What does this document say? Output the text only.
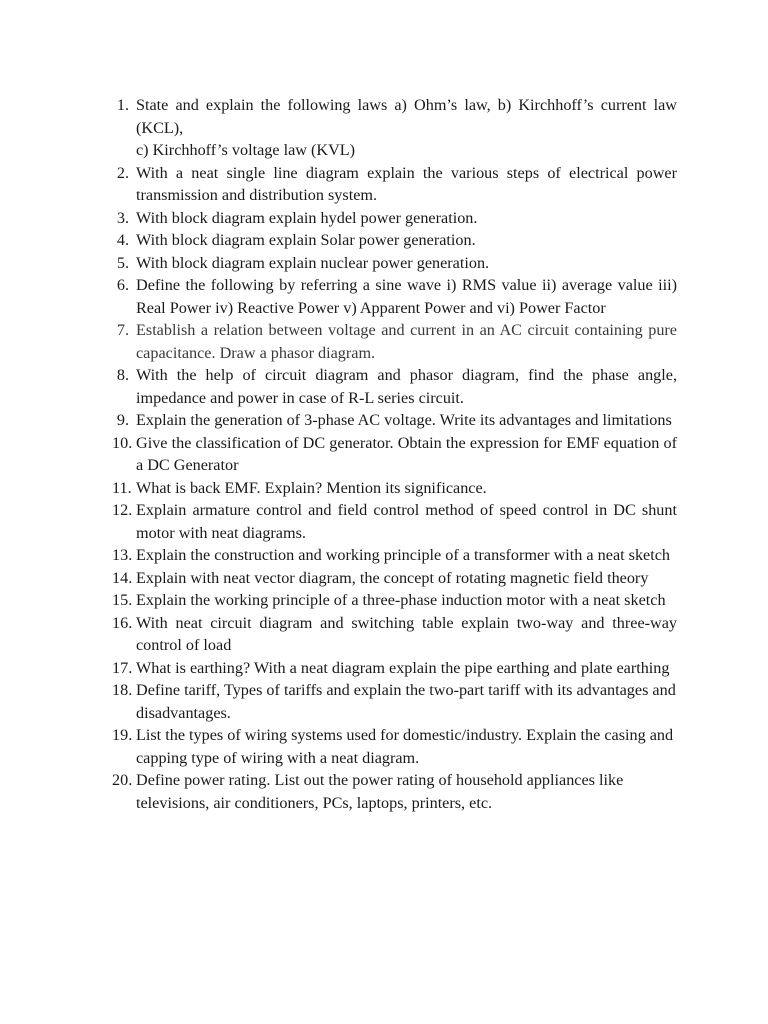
1. State and explain the following laws a) Ohm’s law, b) Kirchhoff’s current law (KCL),
c) Kirchhoff’s voltage law (KVL)
2. With a neat single line diagram explain the various steps of electrical power transmission and distribution system.
3. With block diagram explain hydel power generation.
4. With block diagram explain Solar power generation.
5. With block diagram explain nuclear power generation.
6. Define the following by referring a sine wave i) RMS value ii) average value iii) Real Power iv) Reactive Power v) Apparent Power and vi) Power Factor
7. Establish a relation between voltage and current in an AC circuit containing pure capacitance. Draw a phasor diagram.
8. With the help of circuit diagram and phasor diagram, find the phase angle, impedance and power in case of R-L series circuit.
9. Explain the generation of 3-phase AC voltage. Write its advantages and limitations
10. Give the classification of DC generator. Obtain the expression for EMF equation of a DC Generator
11. What is back EMF. Explain? Mention its significance.
12. Explain armature control and field control method of speed control in DC shunt motor with neat diagrams.
13. Explain the construction and working principle of a transformer with a neat sketch
14. Explain with neat vector diagram, the concept of rotating magnetic field theory
15. Explain the working principle of a three-phase induction motor with a neat sketch
16. With neat circuit diagram and switching table explain two-way and three-way control of load
17. What is earthing? With a neat diagram explain the pipe earthing and plate earthing
18. Define tariff, Types of tariffs and explain the two-part tariff with its advantages and disadvantages.
19. List the types of wiring systems used for domestic/industry. Explain the casing and capping type of wiring with a neat diagram.
20. Define power rating. List out the power rating of household appliances like televisions, air conditioners, PCs, laptops, printers, etc.
